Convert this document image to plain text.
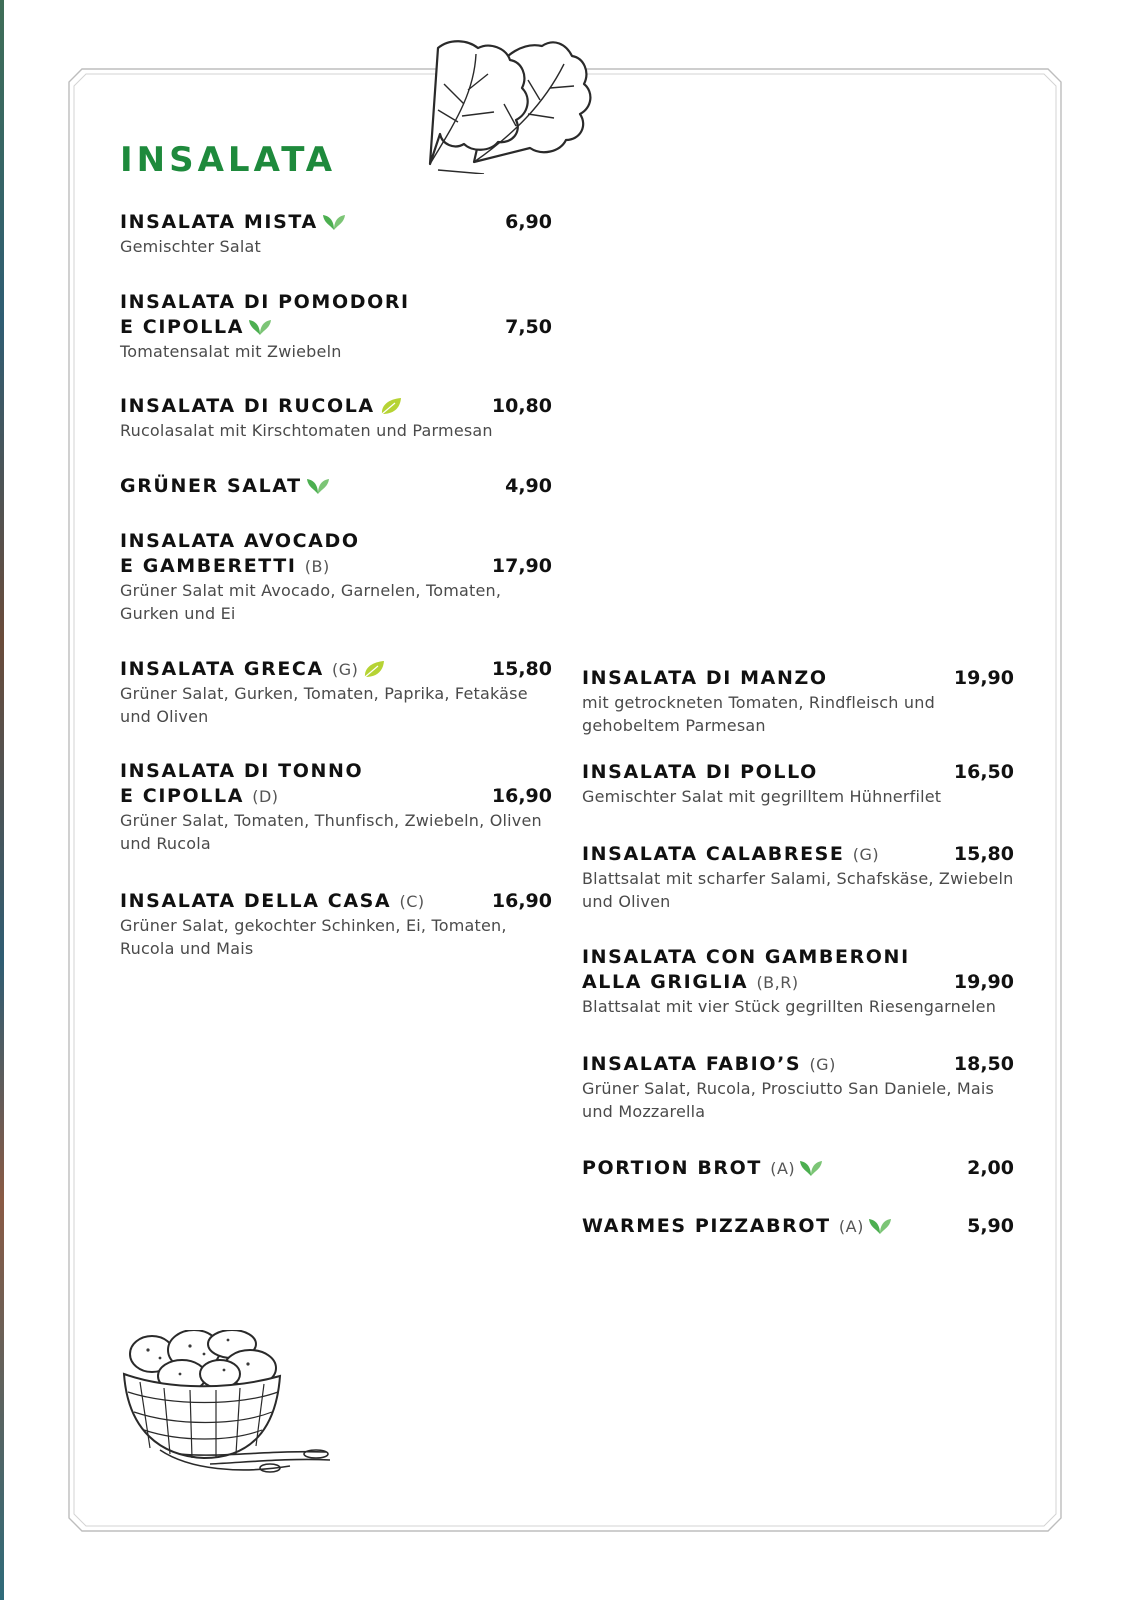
INSALATA
INSALATA MISTA	6,90
Gemischter Salat
INSALATA DI POMODORI
E CIPOLLA	7,50
Tomatensalat mit Zwiebeln
INSALATA DI RUCOLA	10,80
Rucolasalat mit Kirschtomaten und Parmesan
GRÜNER SALAT	4,90
INSALATA AVOCADO
E GAMBERETTI (B)	17,90
Grüner Salat mit Avocado, Garnelen, Tomaten, Gurken und Ei
INSALATA GRECA (G)	15,80
Grüner Salat, Gurken, Tomaten, Paprika, Fetakäse und Oliven
INSALATA DI TONNO
E CIPOLLA (D)	16,90
Grüner Salat, Tomaten, Thunfisch, Zwiebeln, Oliven und Rucola
INSALATA DELLA CASA (C)	16,90
Grüner Salat, gekochter Schinken, Ei, Tomaten, Rucola und Mais
INSALATA DI MANZO	19,90
mit getrockneten Tomaten, Rindfleisch und gehobeltem Parmesan
INSALATA DI POLLO	16,50
Gemischter Salat mit gegrilltem Hühnerfilet
INSALATA CALABRESE (G)	15,80
Blattsalat mit scharfer Salami, Schafskäse, Zwiebeln und Oliven
INSALATA CON GAMBERONI
ALLA GRIGLIA (B,R)	19,90
Blattsalat mit vier Stück gegrillten Riesengarnelen
INSALATA FABIO’S (G)	18,50
Grüner Salat, Rucola, Prosciutto San Daniele, Mais und Mozzarella
PORTION BROT (A)	2,00
WARMES PIZZABROT (A)	5,90
